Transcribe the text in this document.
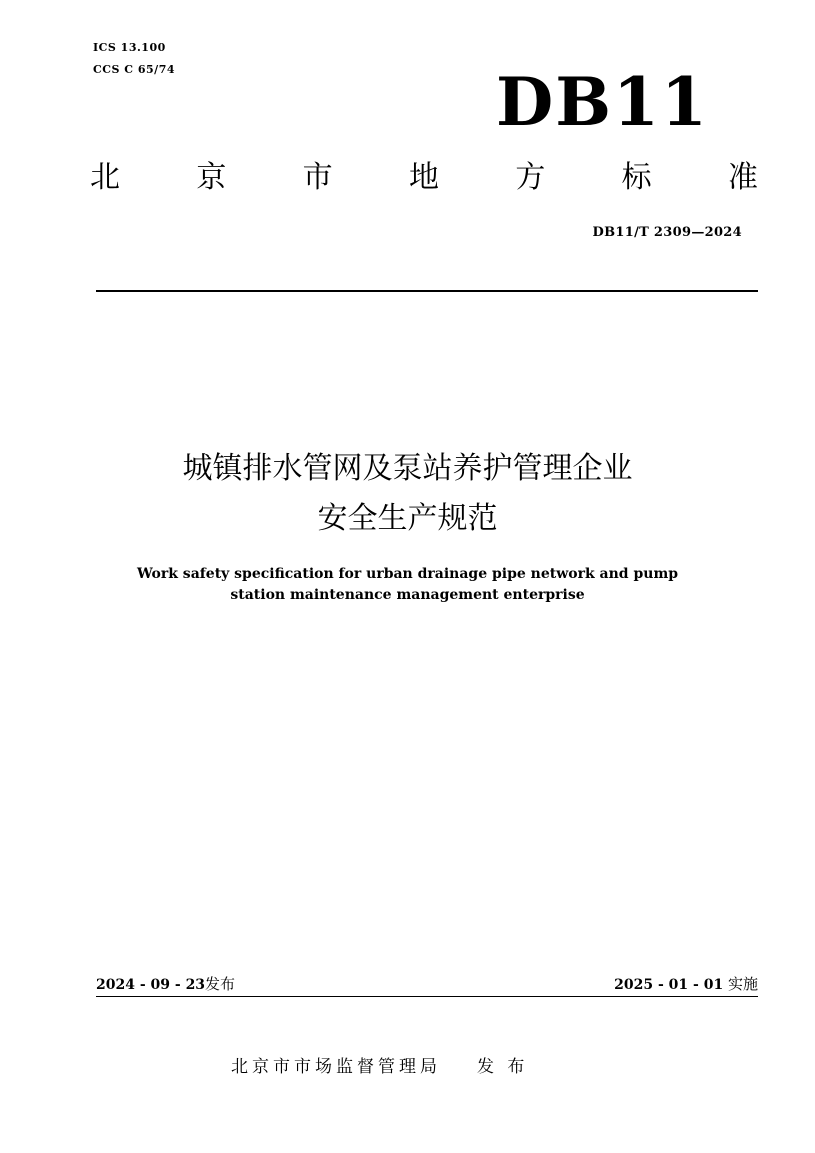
ICS 13.100
CCS C 65/74	DB11
北	京	市	地	方	标	准
DB11/T 2309—2024
城镇排水管网及泵站养护管理企业
安全生产规范
Work safety specification for urban drainage pipe network and pump
station maintenance management enterprise
2024 - 09 - 23发布	2025 - 01 - 01 实施
北京市市场监督管理局 发 布
